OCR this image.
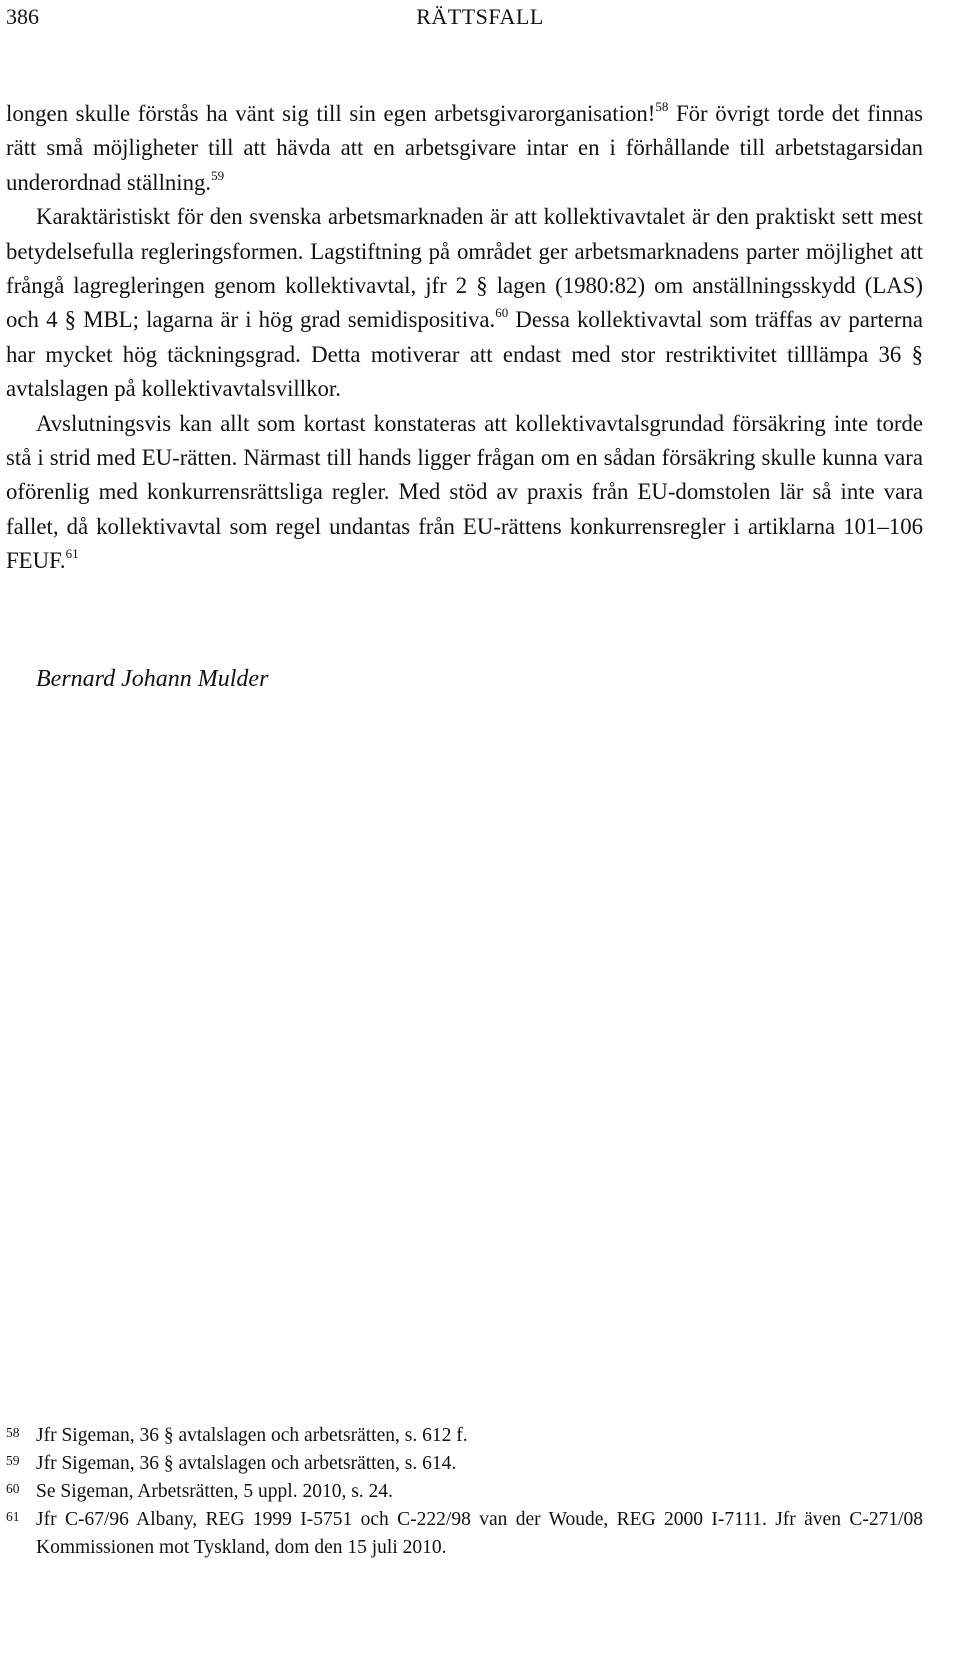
386	RÄTTSFALL

longen skulle förstås ha vänt sig till sin egen arbetsgivarorganisation!$^{58}$ För övrigt torde det finnas rätt små möjligheter till att hävda att en arbetsgivare intar en i förhållande till arbetstagarsidan underordnad ställning.$^{59}$

Karaktäristiskt för den svenska arbetsmarknaden är att kollektivavtalet är den praktiskt sett mest betydelsefulla regleringsformen. Lagstiftning på området ger arbetsmarknadens parter möjlighet att frångå lagregleringen genom kollektivavtal, jfr 2 § lagen (1980:82) om anställningsskydd (LAS) och 4 § MBL; lagarna är i hög grad semidispositiva.$^{60}$ Dessa kollektivavtal som träffas av parterna har mycket hög täckningsgrad. Detta motiverar att endast med stor restriktivitet tilllämpa 36 § avtalslagen på kollektivavtalsvillkor.

Avslutningsvis kan allt som kortast konstateras att kollektivavtalsgrundad försäkring inte torde stå i strid med EU-rätten. Närmast till hands ligger frågan om en sådan försäkring skulle kunna vara oförenlig med konkurrensrättsliga regler. Med stöd av praxis från EU-domstolen lär så inte vara fallet, då kollektivavtal som regel undantas från EU-rättens konkurrensregler i artiklarna 101–106 FEUF.$^{61}$

Bernard Johann Mulder
58 Jfr Sigeman, 36 § avtalslagen och arbetsrätten, s. 612 f.
59 Jfr Sigeman, 36 § avtalslagen och arbetsrätten, s. 614.
60 Se Sigeman, Arbetsrätten, 5 uppl. 2010, s. 24.
61 Jfr C-67/96 Albany, REG 1999 I-5751 och C-222/98 van der Woude, REG 2000 I-7111. Jfr även C-271/08 Kommissionen mot Tyskland, dom den 15 juli 2010.
